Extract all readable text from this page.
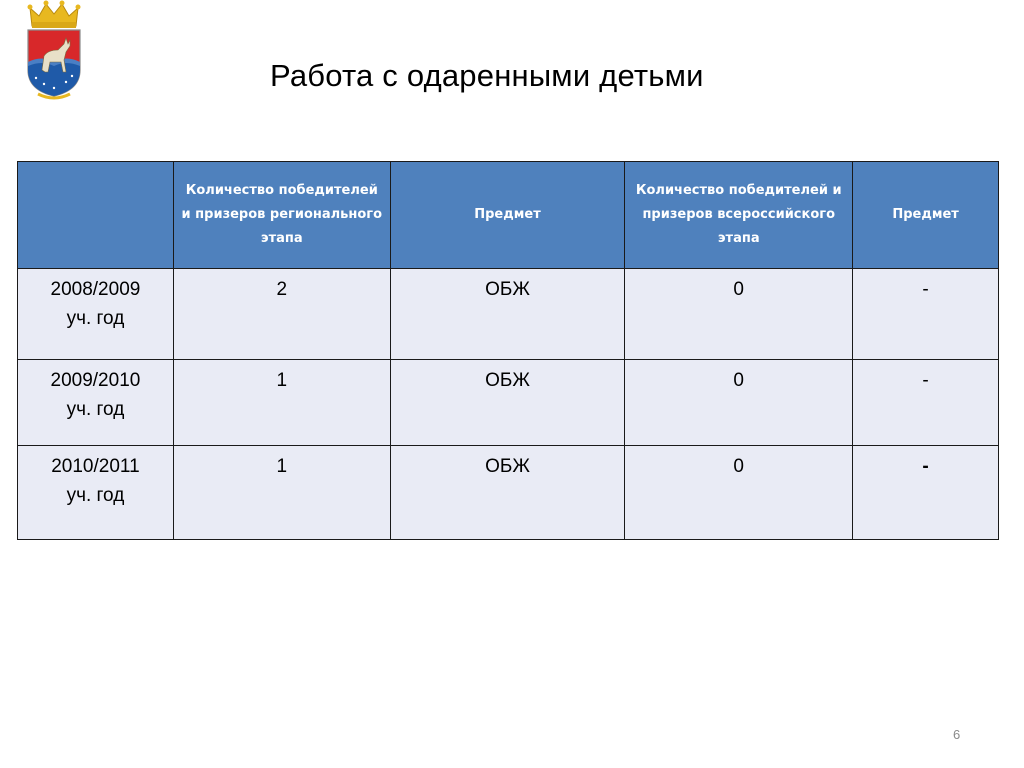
Работа с одаренными детьми
	Количество победителей и призеров регионального этапа	Предмет	Количество победителей и призеров всероссийского этапа	Предмет

2008/2009
уч. год	2	ОБЖ	0	-

2009/2010
уч. год	1	ОБЖ	0	-

2010/2011
уч. год	1	ОБЖ	0	-
6
